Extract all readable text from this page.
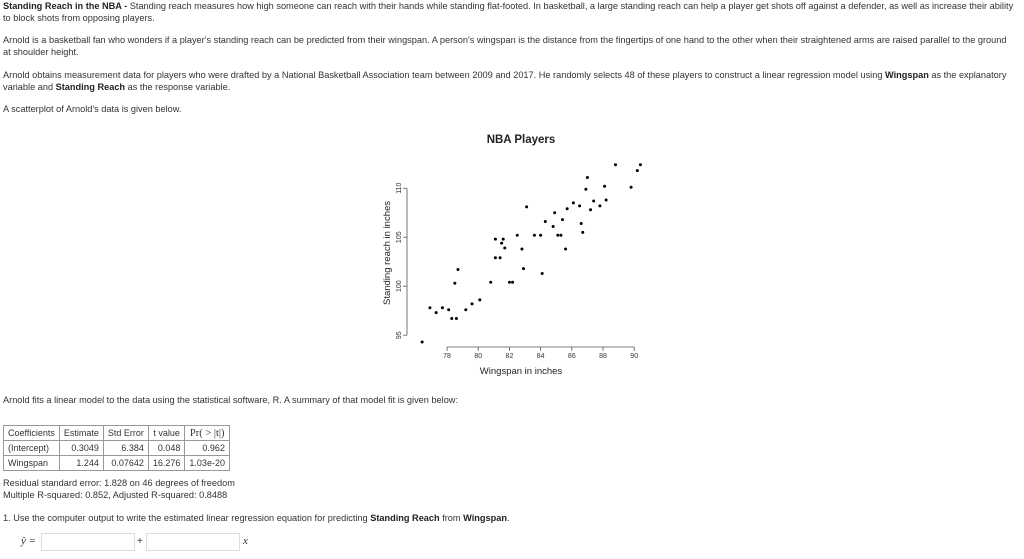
Standing Reach in the NBA - Standing reach measures how high someone can reach with their hands while standing flat-footed. In basketball, a large standing reach can help a player get shots off against a defender, as well as increase their ability to block shots from opposing players.

Arnold is a basketball fan who wonders if a player's standing reach can be predicted from their wingspan. A person's wingspan is the distance from the fingertips of one hand to the other when their straightened arms are raised parallel to the ground at shoulder height.

Arnold obtains measurement data for players who were drafted by a National Basketball Association team between 2009 and 2017. He randomly selects 48 of these players to construct a linear regression model using Wingspan as the explanatory variable and Standing Reach as the response variable.

A scatterplot of Arnold's data is given below.

NBA Players
95
100
105
110
78	80	82	84	86	88	90
Wingspan in inches
Standing reach in inches

Arnold fits a linear model to the data using the statistical software, R. A summary of that model fit is given below:

Coefficients	Estimate	Std Error	t value	Pr( > |t|)
(Intercept)	0.3049	6.384	0.048	0.962
Wingspan	1.244	0.07642	16.276	1.03e-20

Residual standard error: 1.828 on 46 degrees of freedom

Multiple R-squared: 0.852, Adjusted R-squared: 0.8488

1. Use the computer output to write the estimated linear regression equation for predicting Standing Reach from Wingspan.

ŷ =	+	x
